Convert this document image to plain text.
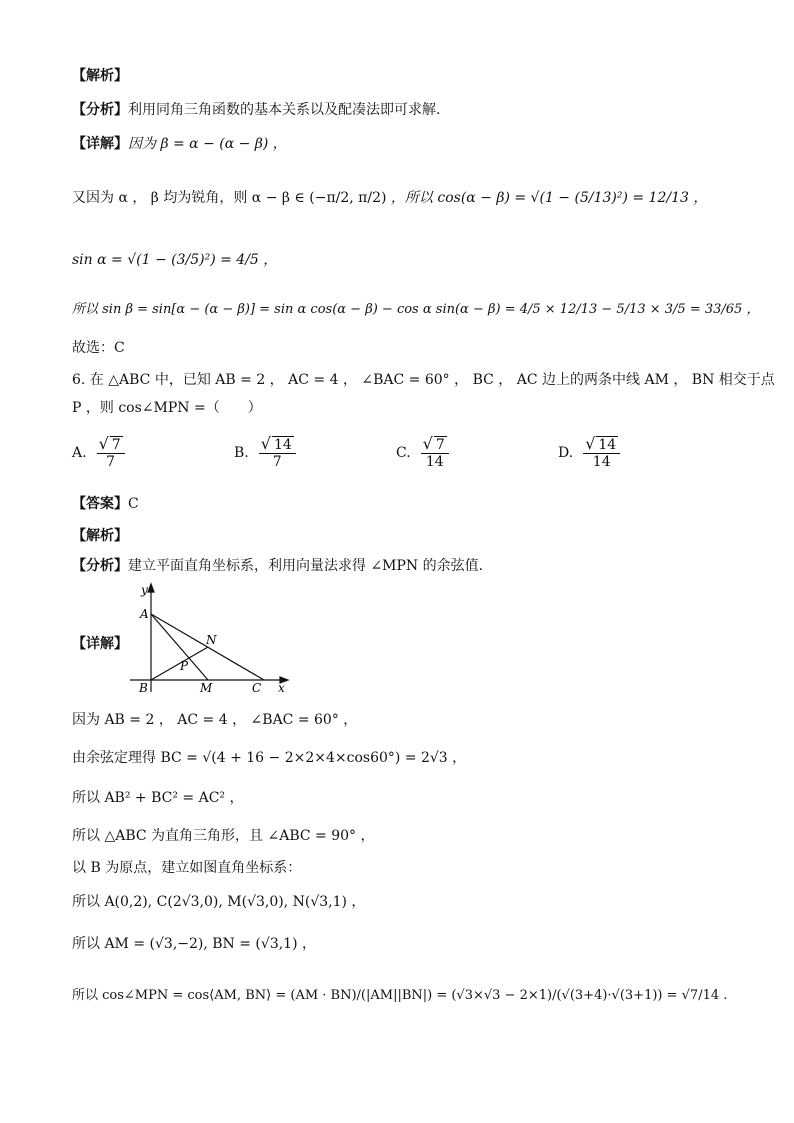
【解析】
【分析】利用同角三角函数的基本关系以及配凑法即可求解.
【详解】因为 β = α − (α − β) ，
又因为 α ， β 均为锐角，则 α − β ∈ (−π/2, π/2) ，所以 cos(α − β) = √(1 − (5/13)²) = 12/13 ，
sin α = √(1 − (3/5)²) = 4/5 ，
所以 sin β = sin[α − (α − β)] = sin α cos(α − β) − cos α sin(α − β) = 4/5 × 12/13 − 5/13 × 3/5 = 33/65 ，
故选：C
6. 在 △ABC 中，已知 AB = 2 ， AC = 4 ， ∠BAC = 60° ， BC ， AC 边上的两条中线 AM ， BN 相交于点
P ，则 cos∠MPN =（　　）
A. $\frac{√ 7}{7}$	B. $\frac{√ 14}{7}$	C. $\frac{√ 7}{14}$	D. $\frac{√ 14}{14}$
【答案】C
【解析】
【分析】建立平面直角坐标系，利用向量法求得 ∠MPN 的余弦值.
【详解】
y
x
A
N
P
B	M	C
因为 AB = 2 ， AC = 4 ， ∠BAC = 60° ，
由余弦定理得 BC = √(4 + 16 − 2×2×4×cos60°) = 2√3 ，
所以 AB² + BC² = AC² ，
所以 △ABC 为直角三角形，且 ∠ABC = 90° ，
以 B 为原点，建立如图直角坐标系：
所以 A(0,2), C(2√3,0), M(√3,0), N(√3,1) ，
所以 AM = (√3,−2), BN = (√3,1) ，
所以 cos∠MPN = cos⟨AM, BN⟩ = (AM · BN)/(|AM||BN|) = (√3×√3 − 2×1)/(√(3+4)·√(3+1)) = √7/14 .
